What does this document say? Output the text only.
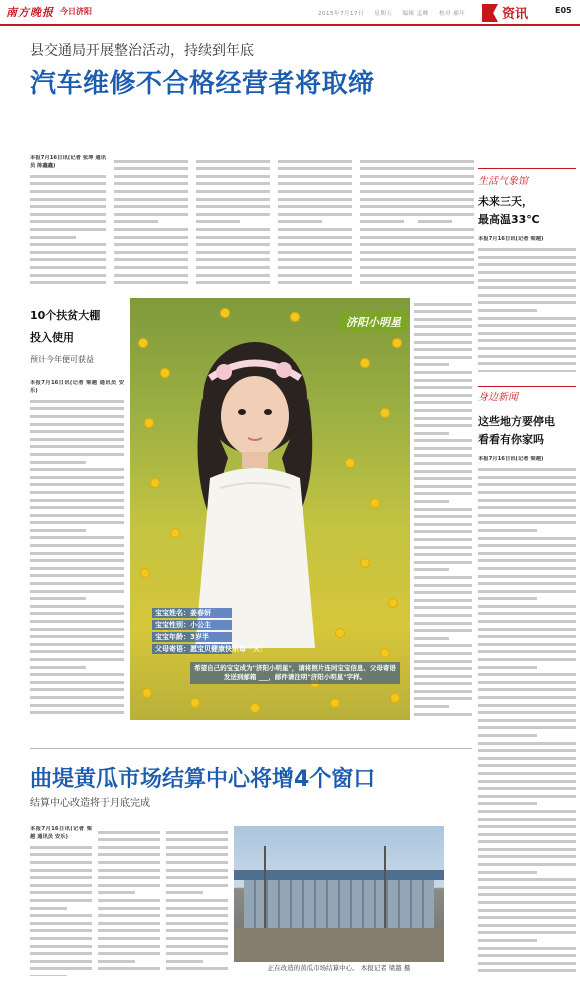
南方晚报 今日济阳	2015年7月17日 星期五 编辑 孟峰 校对 郝年	资讯	E05
县交通局开展整治活动，持续到年底
汽车维修不合格经营者将取缔
本报7月16日讯(记者 张坤 通讯员 陈鑫鑫)
10个扶贫大棚
投入使用
预计今年便可获益
本报7月16日讯(记者 梁越 通讯员 安乐)
济阳小明星
宝宝姓名：姜春妍
宝宝性别：小公主
宝宝年龄：3岁半
父母寄语：愿宝贝健康快乐每一天！
希望自己的宝宝成为"济阳小明星"，请将照片连同宝宝信息、父母寄语发送到邮箱 ___，邮件请注明"济阳小明星"字样。
生活气象馆
未来三天，
最高温33℃
本报7月16日讯(记者 梁越)
身边新闻
这些地方要停电
看看有你家吗
本报7月16日讯(记者 梁越)
曲堤黄瓜市场结算中心将增4个窗口
结算中心改造将于月底完成
本报7月16日讯(记者 梁越 通讯员 安乐)
正在改造的黄瓜市场结算中心。 本报记者 梁越 摄
